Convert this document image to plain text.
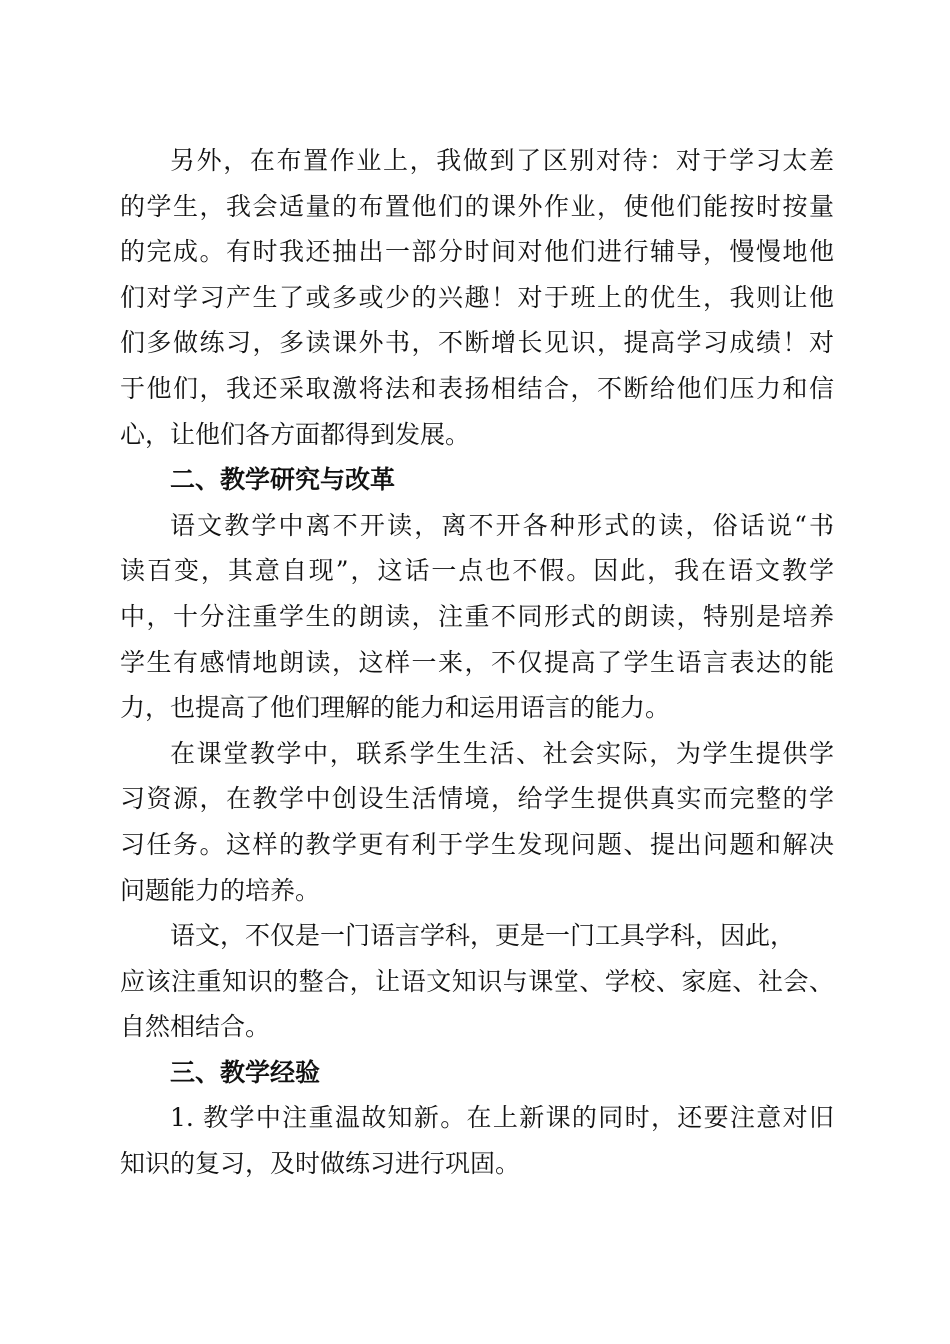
另外，在布置作业上，我做到了区别对待：对于学习太差
的学生，我会适量的布置他们的课外作业，使他们能按时按量
的完成。有时我还抽出一部分时间对他们进行辅导，慢慢地他
们对学习产生了或多或少的兴趣！对于班上的优生，我则让他
们多做练习，多读课外书，不断增长见识，提高学习成绩！对
于他们，我还采取激将法和表扬相结合，不断给他们压力和信
心，让他们各方面都得到发展。
二、教学研究与改革
语文教学中离不开读，离不开各种形式的读，俗话说“书
读百变，其意自现”，这话一点也不假。因此，我在语文教学
中，十分注重学生的朗读，注重不同形式的朗读，特别是培养
学生有感情地朗读，这样一来，不仅提高了学生语言表达的能
力，也提高了他们理解的能力和运用语言的能力。
在课堂教学中，联系学生生活、社会实际，为学生提供学
习资源，在教学中创设生活情境，给学生提供真实而完整的学
习任务。这样的教学更有利于学生发现问题、提出问题和解决
问题能力的培养。
语文，不仅是一门语言学科，更是一门工具学科，因此，
应该注重知识的整合，让语文知识与课堂、学校、家庭、社会、
自然相结合。
三、教学经验
1. 教学中注重温故知新。在上新课的同时，还要注意对旧
知识的复习，及时做练习进行巩固。
